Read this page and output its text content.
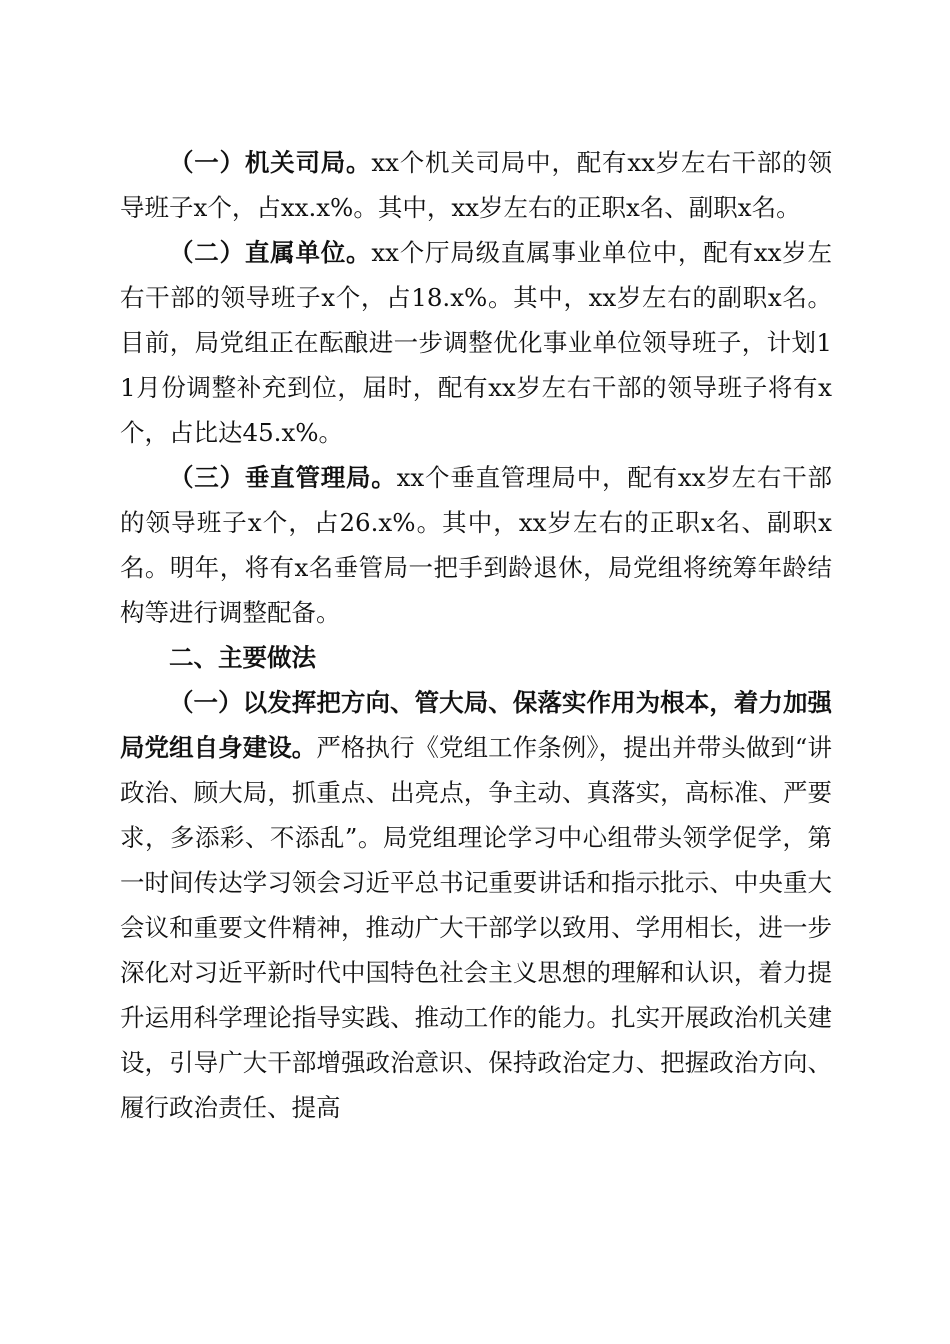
（一）机关司局。xx个机关司局中，配有xx岁左右干部的领导班子x个，占xx.x%。其中，xx岁左右的正职x名、副职x名。

（二）直属单位。xx个厅局级直属事业单位中，配有xx岁左右干部的领导班子x个，占18.x%。其中，xx岁左右的副职x名。目前，局党组正在酝酿进一步调整优化事业单位领导班子，计划11月份调整补充到位，届时，配有xx岁左右干部的领导班子将有x个，占比达45.x%。

（三）垂直管理局。xx个垂直管理局中，配有xx岁左右干部的领导班子x个，占26.x%。其中，xx岁左右的正职x名、副职x名。明年，将有x名垂管局一把手到龄退休，局党组将统筹年龄结构等进行调整配备。

二、主要做法

（一）以发挥把方向、管大局、保落实作用为根本，着力加强局党组自身建设。严格执行《党组工作条例》，提出并带头做到“讲政治、顾大局，抓重点、出亮点，争主动、真落实，高标准、严要求，多添彩、不添乱”。局党组理论学习中心组带头领学促学，第一时间传达学习领会习近平总书记重要讲话和指示批示、中央重大会议和重要文件精神，推动广大干部学以致用、学用相长，进一步深化对习近平新时代中国特色社会主义思想的理解和认识，着力提升运用科学理论指导实践、推动工作的能力。扎实开展政治机关建设，引导广大干部增强政治意识、保持政治定力、把握政治方向、履行政治责任、提高
